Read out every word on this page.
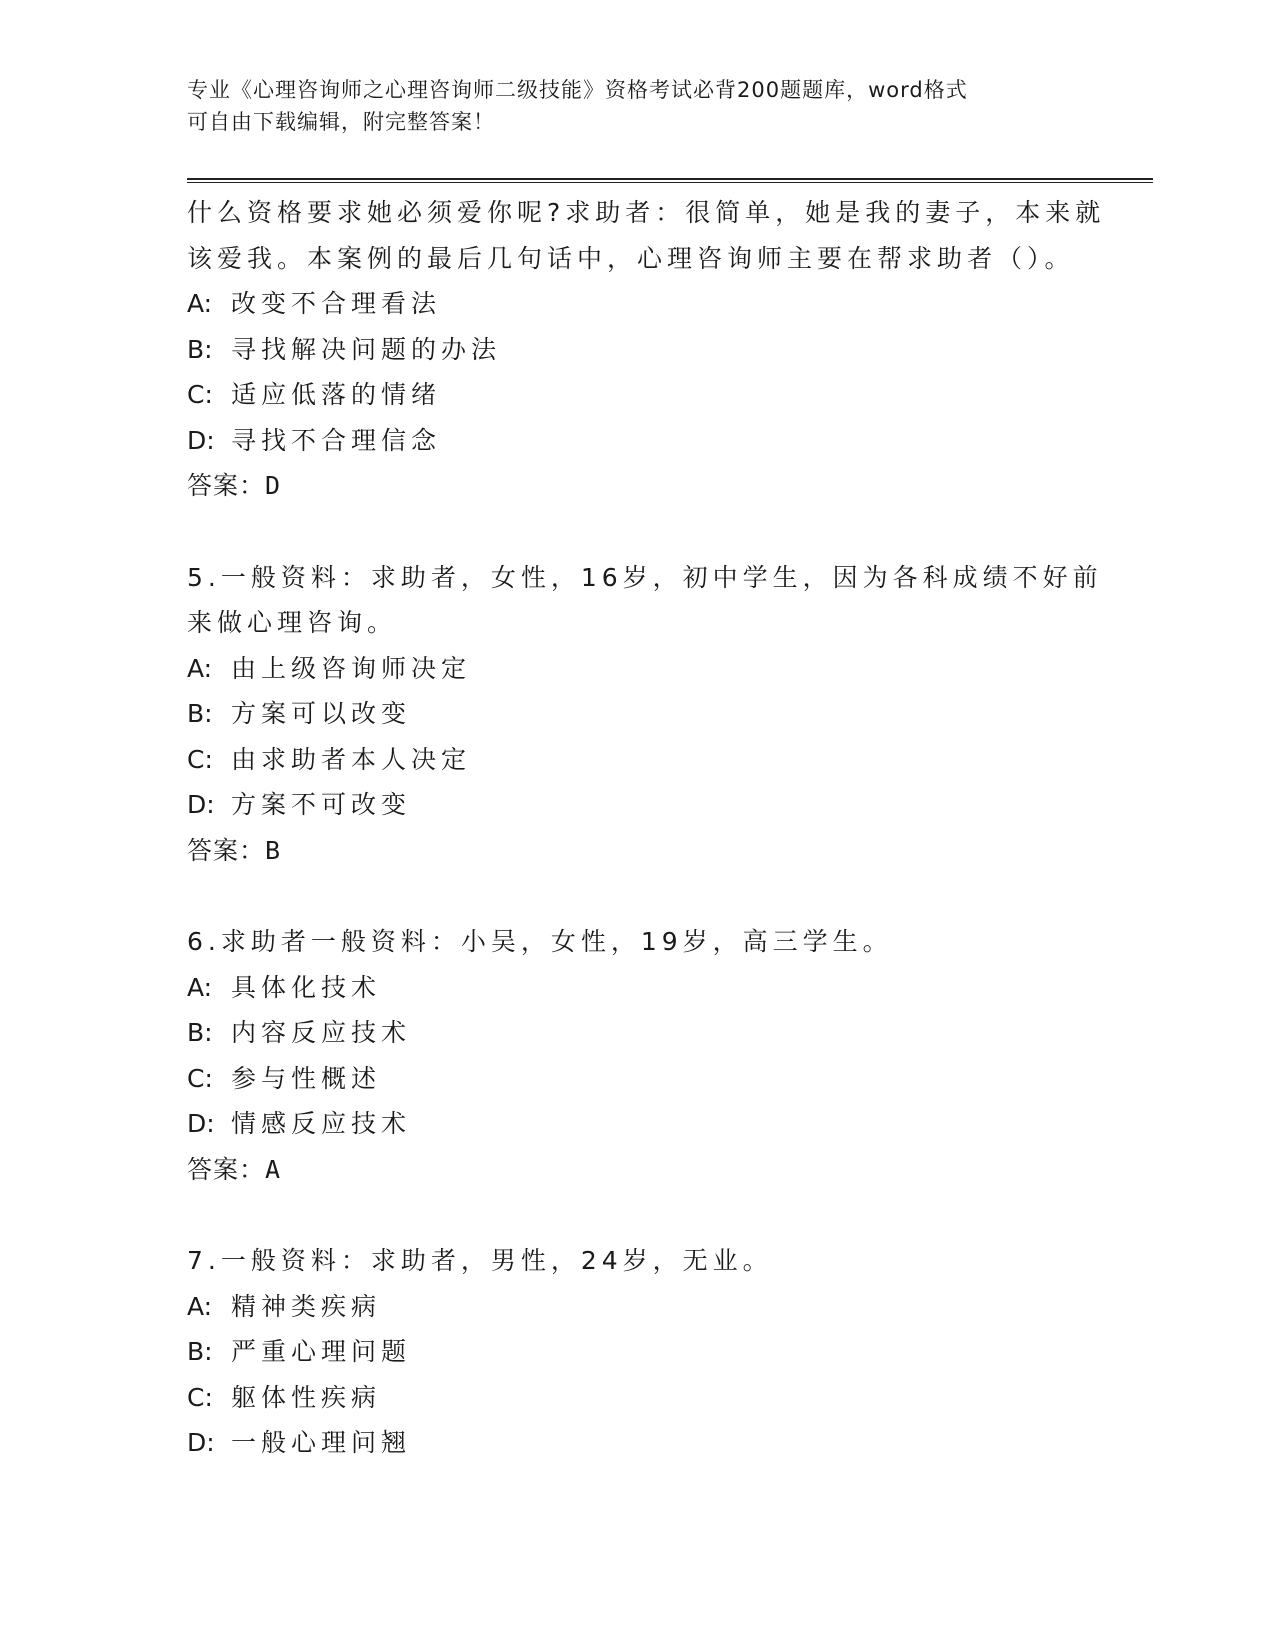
专业《心理咨询师之心理咨询师二级技能》资格考试必背200题题库，word格式
可自由下载编辑，附完整答案！
什么资格要求她必须爱你呢?求助者：很简单，她是我的妻子，本来就
该爱我。本案例的最后几句话中，心理咨询师主要在帮求助者（）。
A: 改变不合理看法
B: 寻找解决问题的办法
C: 适应低落的情绪
D: 寻找不合理信念
答案：D
5.一般资料：求助者，女性，16岁，初中学生，因为各科成绩不好前
来做心理咨询。
A: 由上级咨询师决定
B: 方案可以改变
C: 由求助者本人决定
D: 方案不可改变
答案：B
6.求助者一般资料：小吴，女性，19岁，高三学生。
A: 具体化技术
B: 内容反应技术
C: 参与性概述
D: 情感反应技术
答案：A
7.一般资料：求助者，男性，24岁，无业。
A: 精神类疾病
B: 严重心理问题
C: 躯体性疾病
D: 一般心理问翘
